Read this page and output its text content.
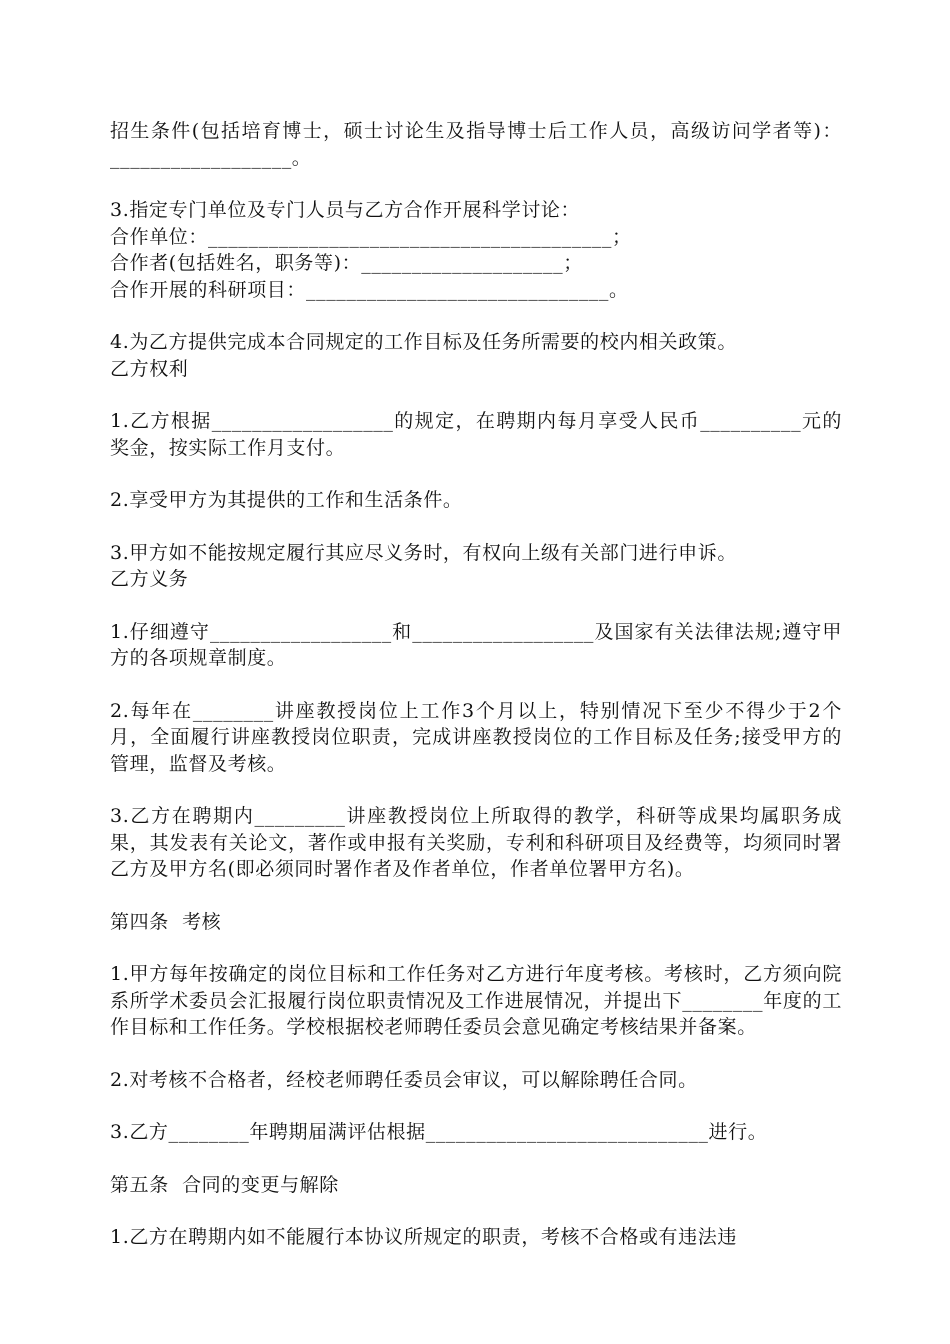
招生条件(包括培育博士，硕士讨论生及指导博士后工作人员，高级访问学者等)：__________________。

3.指定专门单位及专门人员与乙方合作开展科学讨论：
合作单位：________________________________________；
合作者(包括姓名，职务等)：____________________；
合作开展的科研项目：______________________________。
4.为乙方提供完成本合同规定的工作目标及任务所需要的校内相关政策。
乙方权利

1.乙方根据__________________的规定，在聘期内每月享受人民币__________元的奖金，按实际工作月支付。

2.享受甲方为其提供的工作和生活条件。

3.甲方如不能按规定履行其应尽义务时，有权向上级有关部门进行申诉。
乙方义务

1.仔细遵守__________________和__________________及国家有关法律法规;遵守甲方的各项规章制度。

2.每年在________讲座教授岗位上工作3个月以上，特别情况下至少不得少于2个月，全面履行讲座教授岗位职责，完成讲座教授岗位的工作目标及任务;接受甲方的管理，监督及考核。

3.乙方在聘期内_________讲座教授岗位上所取得的教学，科研等成果均属职务成果，其发表有关论文，著作或申报有关奖励，专利和科研项目及经费等，均须同时署乙方及甲方名(即必须同时署作者及作者单位，作者单位署甲方名)。

第四条  考核

1.甲方每年按确定的岗位目标和工作任务对乙方进行年度考核。考核时，乙方须向院系所学术委员会汇报履行岗位职责情况及工作进展情况，并提出下________年度的工作目标和工作任务。学校根据校老师聘任委员会意见确定考核结果并备案。

2.对考核不合格者，经校老师聘任委员会审议，可以解除聘任合同。

3.乙方________年聘期届满评估根据____________________________进行。

第五条  合同的变更与解除

1.乙方在聘期内如不能履行本协议所规定的职责，考核不合格或有违法违
